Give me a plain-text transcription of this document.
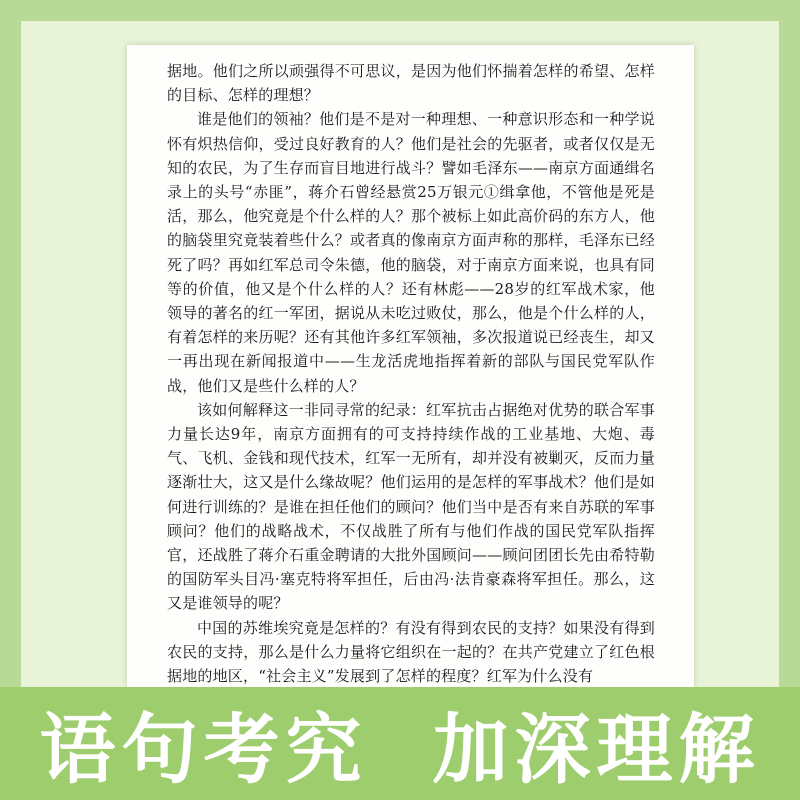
据地。他们之所以顽强得不可思议，是因为他们怀揣着怎样的希望、怎样的目标、怎样的理想？

谁是他们的领袖？他们是不是对一种理想、一种意识形态和一种学说怀有炽热信仰，受过良好教育的人？他们是社会的先驱者，或者仅仅是无知的农民，为了生存而盲目地进行战斗？譬如毛泽东——南京方面通缉名录上的头号“赤匪”，蒋介石曾经悬赏25万银元①缉拿他，不管他是死是活，那么，他究竟是个什么样的人？那个被标上如此高价码的东方人，他的脑袋里究竟装着些什么？或者真的像南京方面声称的那样，毛泽东已经死了吗？再如红军总司令朱德，他的脑袋，对于南京方面来说，也具有同等的价值，他又是个什么样的人？还有林彪——28岁的红军战术家，他领导的著名的红一军团，据说从未吃过败仗，那么，他是个什么样的人，有着怎样的来历呢？还有其他许多红军领袖，多次报道说已经丧生，却又一再出现在新闻报道中——生龙活虎地指挥着新的部队与国民党军队作战，他们又是些什么样的人？

该如何解释这一非同寻常的纪录：红军抗击占据绝对优势的联合军事力量长达9年，南京方面拥有的可支持持续作战的工业基地、大炮、毒气、飞机、金钱和现代技术，红军一无所有，却并没有被剿灭，反而力量逐渐壮大，这又是什么缘故呢？他们运用的是怎样的军事战术？他们是如何进行训练的？是谁在担任他们的顾问？他们当中是否有来自苏联的军事顾问？他们的战略战术，不仅战胜了所有与他们作战的国民党军队指挥官，还战胜了蒋介石重金聘请的大批外国顾问——顾问团团长先由希特勒的国防军头目冯·塞克特将军担任，后由冯·法肯豪森将军担任。那么，这又是谁领导的呢？

中国的苏维埃究竟是怎样的？有没有得到农民的支持？如果没有得到农民的支持，那么是什么力量将它组织在一起的？在共产党建立了红色根据地的地区，“社会主义”发展到了怎样的程度？红军为什么没有

语句考究  加深理解
